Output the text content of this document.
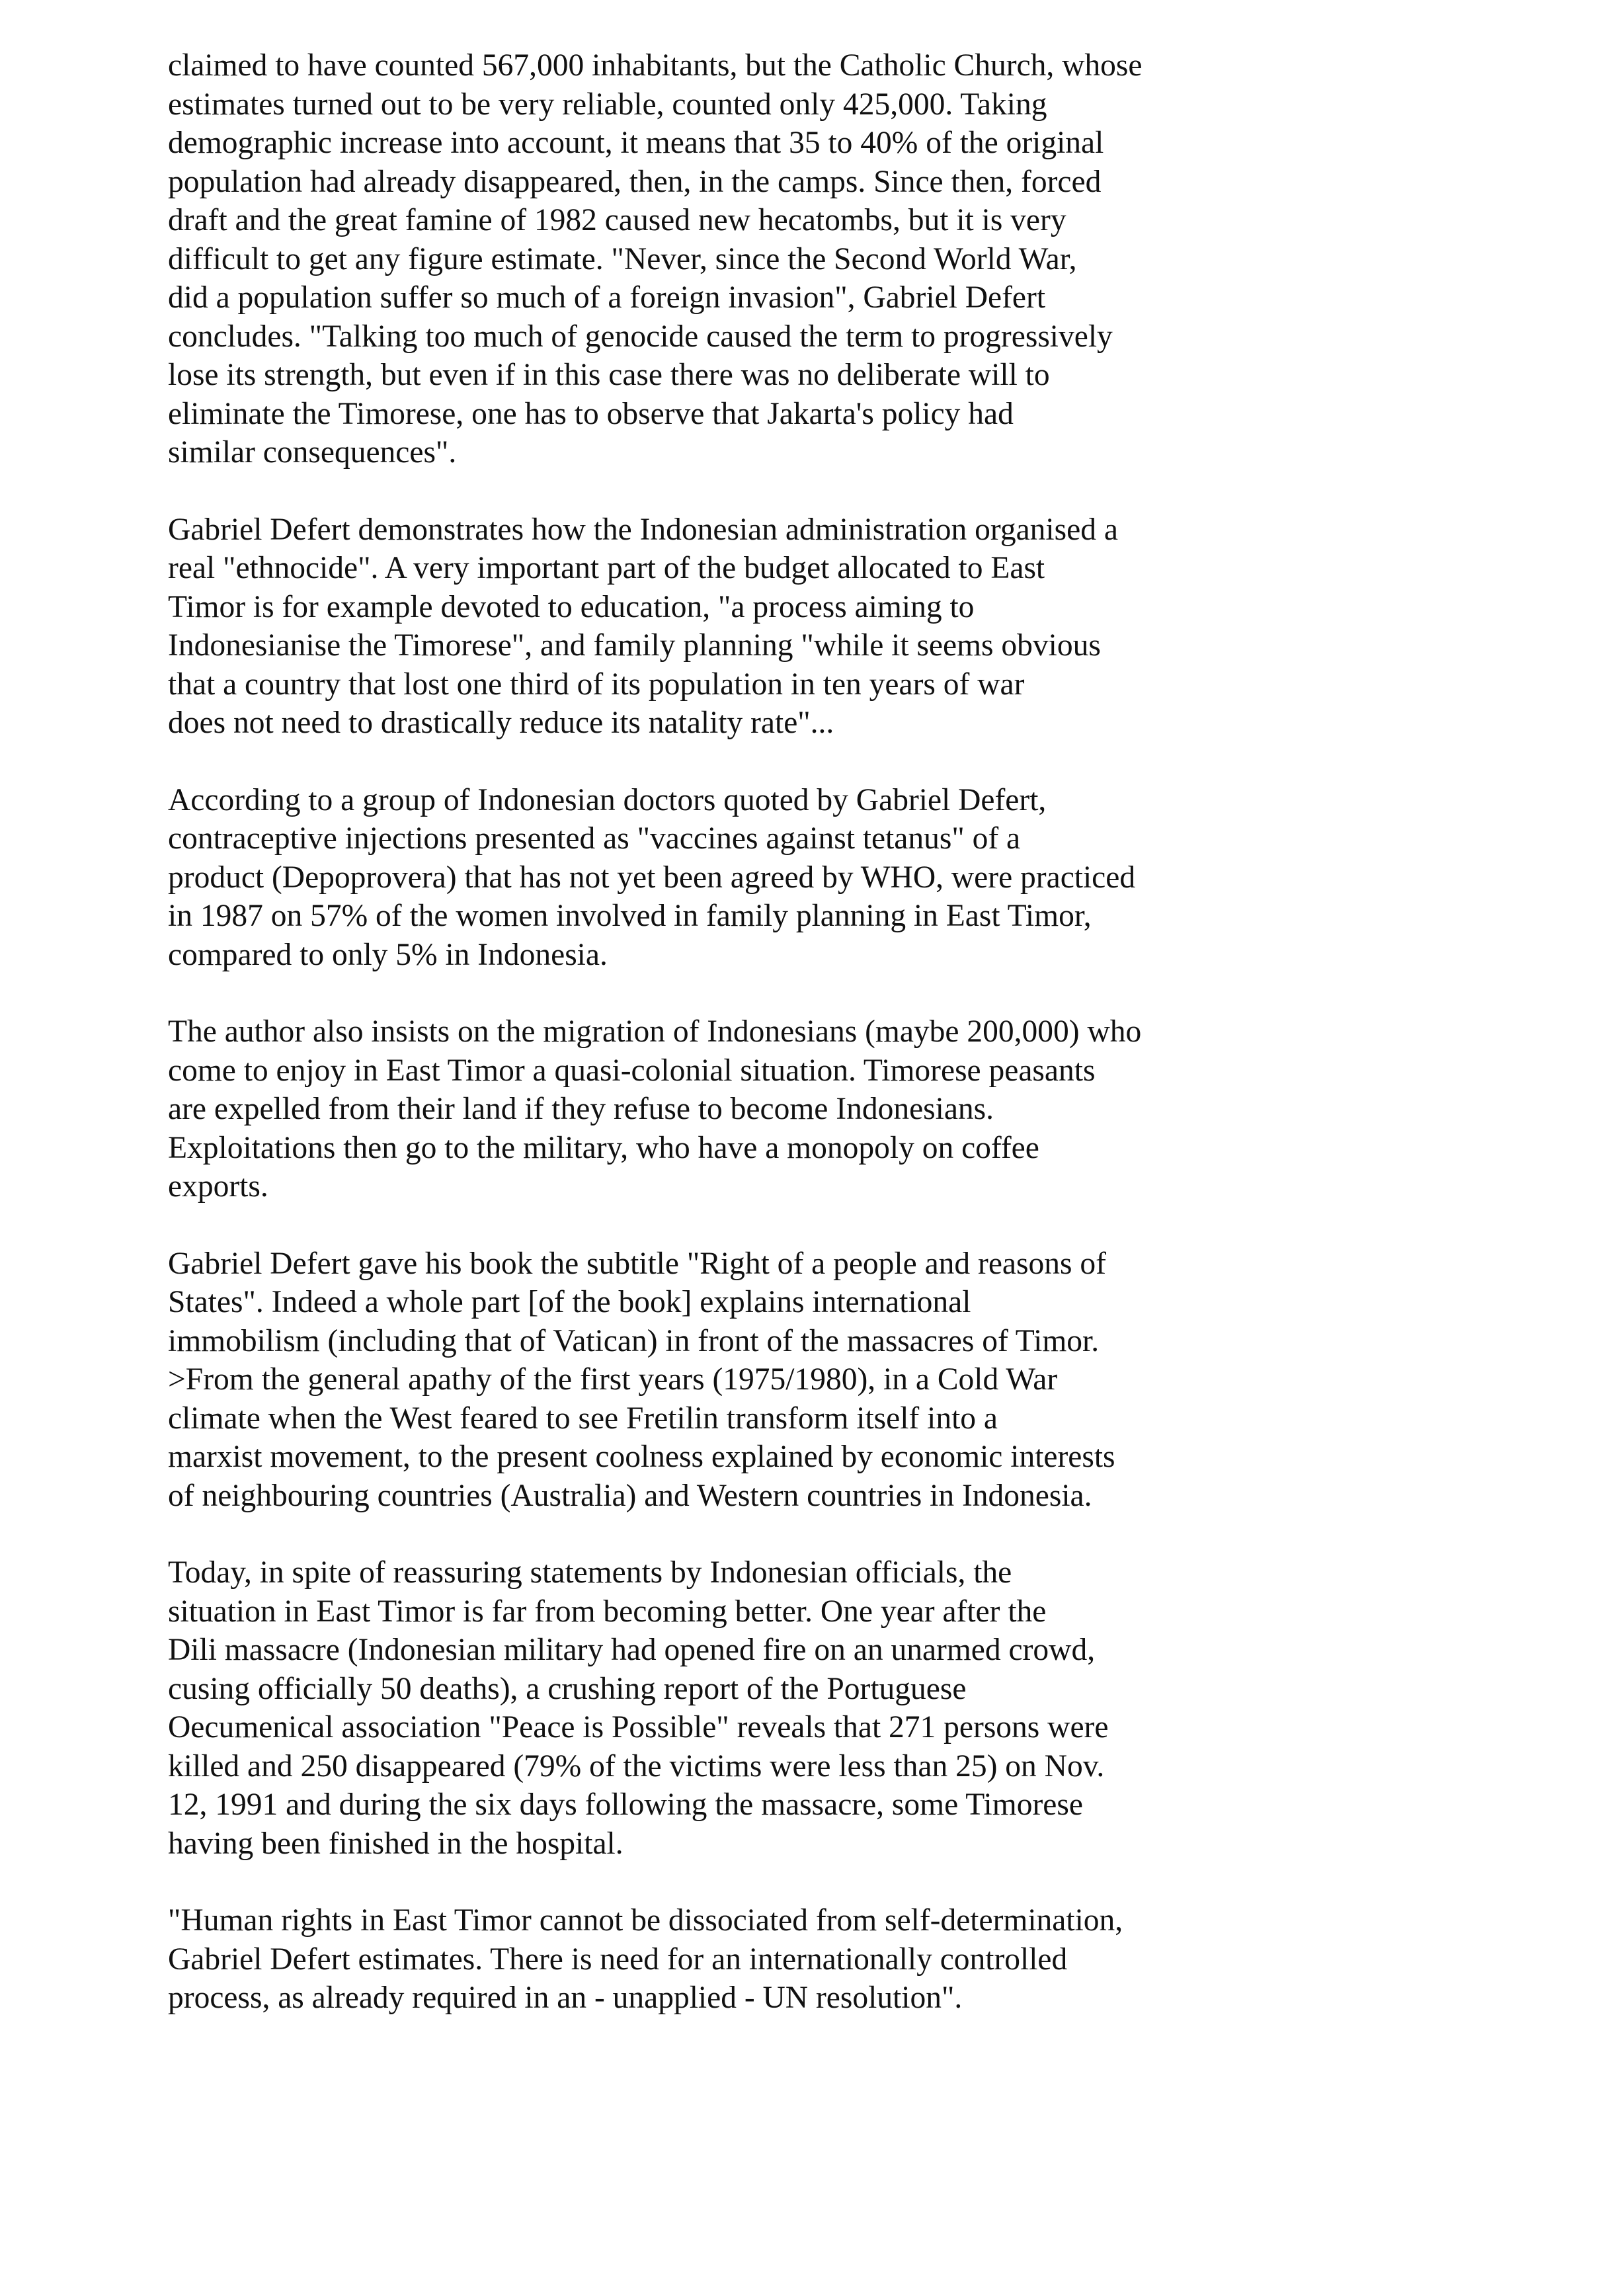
claimed to have counted 567,000 inhabitants, but the Catholic Church, whose
estimates turned out to be very reliable, counted only 425,000. Taking
demographic increase into account, it means that 35 to 40% of the original
population had already disappeared, then, in the camps. Since then, forced
draft and the great famine of 1982 caused new hecatombs, but it is very
difficult to get any figure estimate. "Never, since the Second World War,
did a population suffer so much of a foreign invasion", Gabriel Defert
concludes. "Talking too much of genocide caused the term to progressively
lose its strength, but even if in this case there was no deliberate will to
eliminate the Timorese, one has to observe that Jakarta's policy had
similar consequences".

Gabriel Defert demonstrates how the Indonesian administration organised a
real "ethnocide". A very important part of the budget allocated to East
Timor is for example devoted to education, "a process aiming to
Indonesianise the Timorese", and family planning "while it seems obvious
that a country that lost one third of its population in ten years of war
does not need to drastically reduce its natality rate"...

According to a group of Indonesian doctors quoted by Gabriel Defert,
contraceptive injections presented as "vaccines against tetanus" of a
product (Depoprovera) that has not yet been agreed by WHO, were practiced
in 1987 on 57% of the women involved in family planning in East Timor,
compared to only 5% in Indonesia.

The author also insists on the migration of Indonesians (maybe 200,000) who
come to enjoy in East Timor a quasi-colonial situation. Timorese peasants
are expelled from their land if they refuse to become Indonesians.
Exploitations then go to the military, who have a monopoly on coffee
exports.

Gabriel Defert gave his book the subtitle "Right of a people and reasons of
States". Indeed a whole part [of the book] explains international
immobilism (including that of Vatican) in front of the massacres of Timor.
>From the general apathy of the first years (1975/1980), in a Cold War
climate when the West feared to see Fretilin transform itself into a
marxist movement, to the present coolness explained by economic interests
of neighbouring countries (Australia) and Western countries in Indonesia.

Today, in spite of reassuring statements by Indonesian officials, the
situation in East Timor is far from becoming better. One year after the
Dili massacre (Indonesian military had opened fire on an unarmed crowd,
cusing officially 50 deaths), a crushing report of the Portuguese
Oecumenical association "Peace is Possible" reveals that 271 persons were
killed and 250 disappeared (79% of the victims were less than 25) on Nov.
12, 1991 and during the six days following the massacre, some Timorese
having been finished in the hospital.

"Human rights in East Timor cannot be dissociated from self-determination,
Gabriel Defert estimates. There is need for an internationally controlled
process, as already required in an - unapplied - UN resolution".
